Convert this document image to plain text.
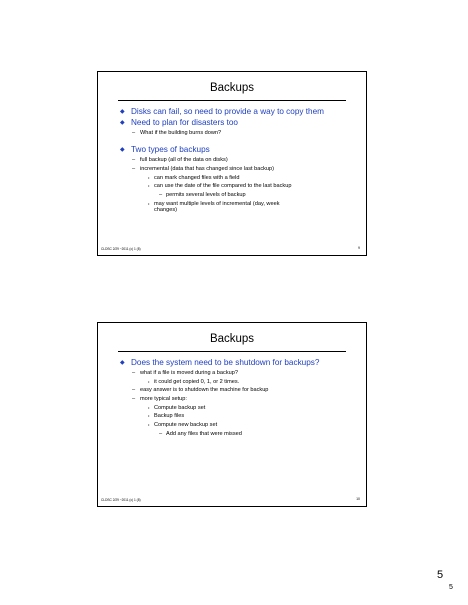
Backups
◆ Disks can fail, so need to provide a way to copy them
◆ Need to plan for disasters too
– What if the building burns down?
◆ Two types of backups
– full backup (all of the data on disks)
– incremental (data that has changed since last backup)
• can mark changed files with a field
• can use the date of the file compared to the last backup
– permits several levels of backup
• may want multiple levels of incremental (day, week changes)
CLDSC 2/29 ~2011 (c) 1 (8)	9
Backups
◆ Does the system need to be shutdown for backups?
– what if a file is moved during a backup?
• it could get copied 0, 1, or 2 times.
– easy answer is to shutdown the machine for backup
– more typical setup:
• Compute backup set
• Backup files
• Compute new backup set
– Add any files that were missed
CLDSC 2/29 ~2011 (c) 1 (8)	10
5
5
